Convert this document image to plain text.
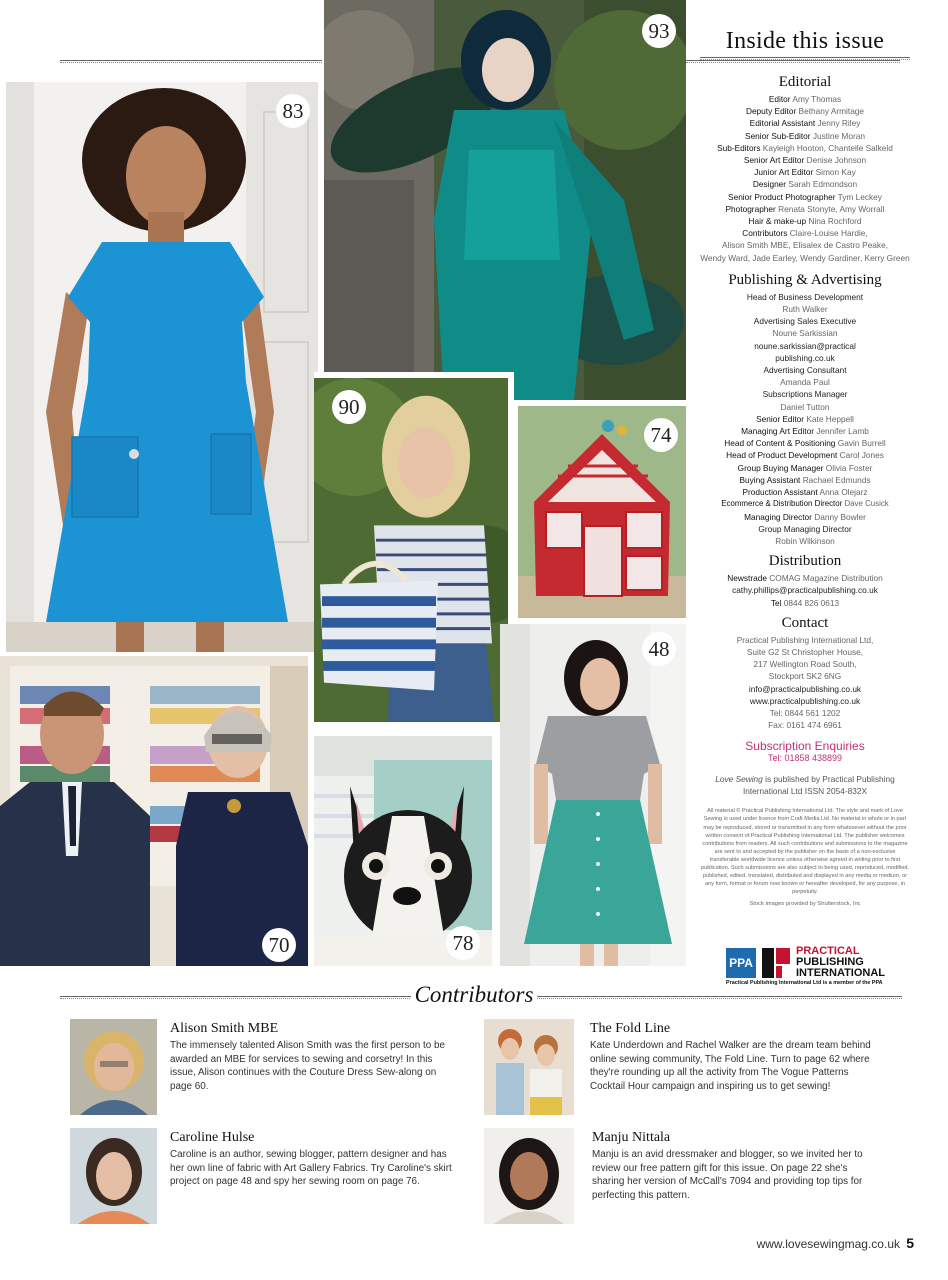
83
93
90
74
70	78
48
Inside this issue
Editorial
Editor Amy Thomas
Deputy Editor Bethany Armitage
Editorial Assistant Jenny Riley
Senior Sub-Editor Justine Moran
Sub-Editors Kayleigh Hooton, Chantelle Salkeld
Senior Art Editor Denise Johnson
Junior Art Editor Simon Kay
Designer Sarah Edmondson
Senior Product Photographer Tym Leckey
Photographer Renata Stonyte, Amy Worrall
Hair & make-up Nina Rochford
Contributors Claire-Louise Hardie,
Alison Smith MBE, Elisalex de Castro Peake,
Wendy Ward, Jade Earley, Wendy Gardiner, Kerry Green
Publishing & Advertising
Head of Business Development
Ruth Walker
Advertising Sales Executive
Noune Sarkissian
noune.sarkissian@practical
publishing.co.uk
Advertising Consultant
Amanda Paul
Subscriptions Manager
Daniel Tutton
Senior Editor Kate Heppell
Managing Art Editor Jennifer Lamb
Head of Content & Positioning Gavin Burrell
Head of Product Development Carol Jones
Group Buying Manager Olivia Foster
Buying Assistant Rachael Edmunds
Production Assistant Anna Olejarz
Ecommerce & Distribution Director Dave Cusick
Managing Director Danny Bowler
Group Managing Director
Robin Wilkinson
Distribution
Newstrade COMAG Magazine Distribution
cathy.phillips@practicalpublishing.co.uk
Tel 0844 826 0613
Contact
Practical Publishing International Ltd,
Suite G2 St Christopher House,
217 Wellington Road South,
Stockport SK2 6NG
info@practicalpublishing.co.uk
www.practicalpublishing.co.uk
Tel: 0844 561 1202
Fax: 0161 474 6961
Subscription Enquiries
Tel: 01858 438899
Love Sewing is published by Practical Publishing International Ltd ISSN 2054-832X
All material © Practical Publishing International Ltd. The style and mark of Love Sewing is used under licence from Craft Media Ltd. No material in whole or in part may be reproduced, stored or transmitted in any form whatsoever without the prior written consent of Practical Publishing International Ltd. The publisher welcomes contributions from readers. All such contributions and submissions to the magazine are sent to and accepted by the publisher on the basis of a non-exclusive transferable worldwide licence unless otherwise agreed in writing prior to first publication. Such submissions are also subject to being used, reproduced, modified, published, edited, translated, distributed and displayed in any media or medium, or any form, format or forum now known or hereafter developed, for any purpose, in perpetuity.
Stock images provided by Shutterstock, Inc
PPA
PRACTICAL
PUBLISHING
INTERNATIONAL
Practical Publishing International Ltd is a member of the PPA
Contributors
Alison Smith MBE
The immensely talented Alison Smith was the first person to be awarded an MBE for services to sewing and corsetry! In this issue, Alison continues with the Couture Dress Sew-along on page 60.
The Fold Line
Kate Underdown and Rachel Walker are the dream team behind online sewing community, The Fold Line. Turn to page 62 where they're rounding up all the activity from The Vogue Patterns Cocktail Hour campaign and inspiring us to get sewing!
Caroline Hulse
Caroline is an author, sewing blogger, pattern designer and has her own line of fabric with Art Gallery Fabrics. Try Caroline's skirt project on page 48 and spy her sewing room on page 76.
Manju Nittala
Manju is an avid dressmaker and blogger, so we invited her to review our free pattern gift for this issue. On page 22 she's sharing her version of McCall's 7094 and providing top tips for perfecting this pattern.
www.lovesewingmag.co.uk 5
